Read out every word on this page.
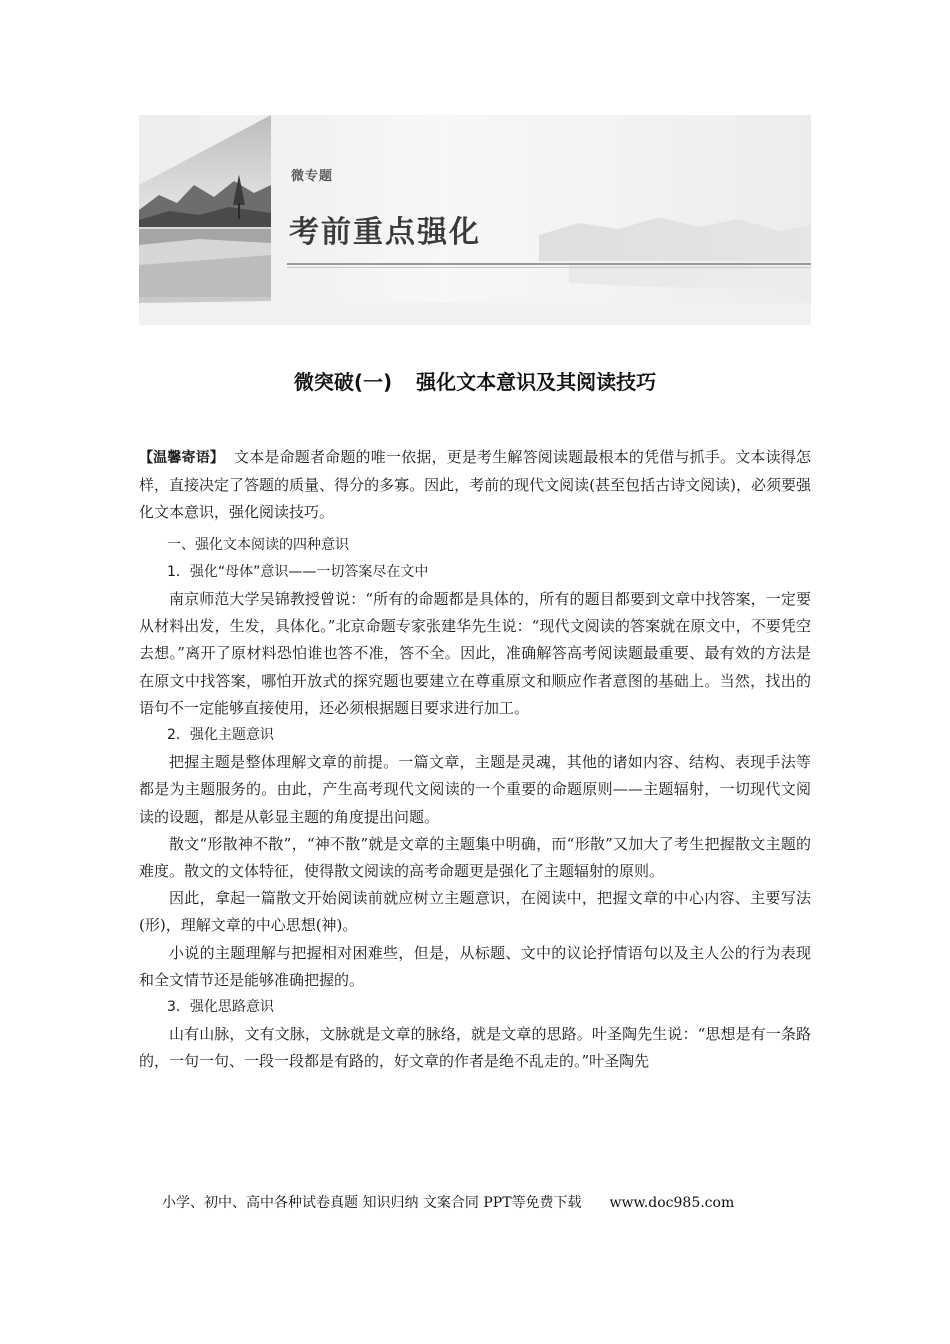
微专题
考前重点强化
微突破(一) 强化文本意识及其阅读技巧

【温馨寄语】 文本是命题者命题的唯一依据，更是考生解答阅读题最根本的凭借与抓手。文本读得怎样，直接决定了答题的质量、得分的多寡。因此，考前的现代文阅读(甚至包括古诗文阅读)，必须要强化文本意识，强化阅读技巧。

一、强化文本阅读的四种意识
1．强化“母体”意识——一切答案尽在文中

南京师范大学吴锦教授曾说：“所有的命题都是具体的，所有的题目都要到文章中找答案，一定要从材料出发，生发，具体化。”北京命题专家张建华先生说：“现代文阅读的答案就在原文中，不要凭空去想。”离开了原材料恐怕谁也答不准，答不全。因此，准确解答高考阅读题最重要、最有效的方法是在原文中找答案，哪怕开放式的探究题也要建立在尊重原文和顺应作者意图的基础上。当然，找出的语句不一定能够直接使用，还必须根据题目要求进行加工。

2．强化主题意识

把握主题是整体理解文章的前提。一篇文章，主题是灵魂，其他的诸如内容、结构、表现手法等都是为主题服务的。由此，产生高考现代文阅读的一个重要的命题原则——主题辐射，一切现代文阅读的设题，都是从彰显主题的角度提出问题。

散文“形散神不散”，“神不散”就是文章的主题集中明确，而“形散”又加大了考生把握散文主题的难度。散文的文体特征，使得散文阅读的高考命题更是强化了主题辐射的原则。

因此，拿起一篇散文开始阅读前就应树立主题意识，在阅读中，把握文章的中心内容、主要写法(形)，理解文章的中心思想(神)。

小说的主题理解与把握相对困难些，但是，从标题、文中的议论抒情语句以及主人公的行为表现和全文情节还是能够准确把握的。

3．强化思路意识

山有山脉，文有文脉，文脉就是文章的脉络，就是文章的思路。叶圣陶先生说：“思想是有一条路的，一句一句、一段一段都是有路的，好文章的作者是绝不乱走的。”叶圣陶先

小学、初中、高中各种试卷真题 知识归纳 文案合同 PPT等免费下载 www.doc985.com
